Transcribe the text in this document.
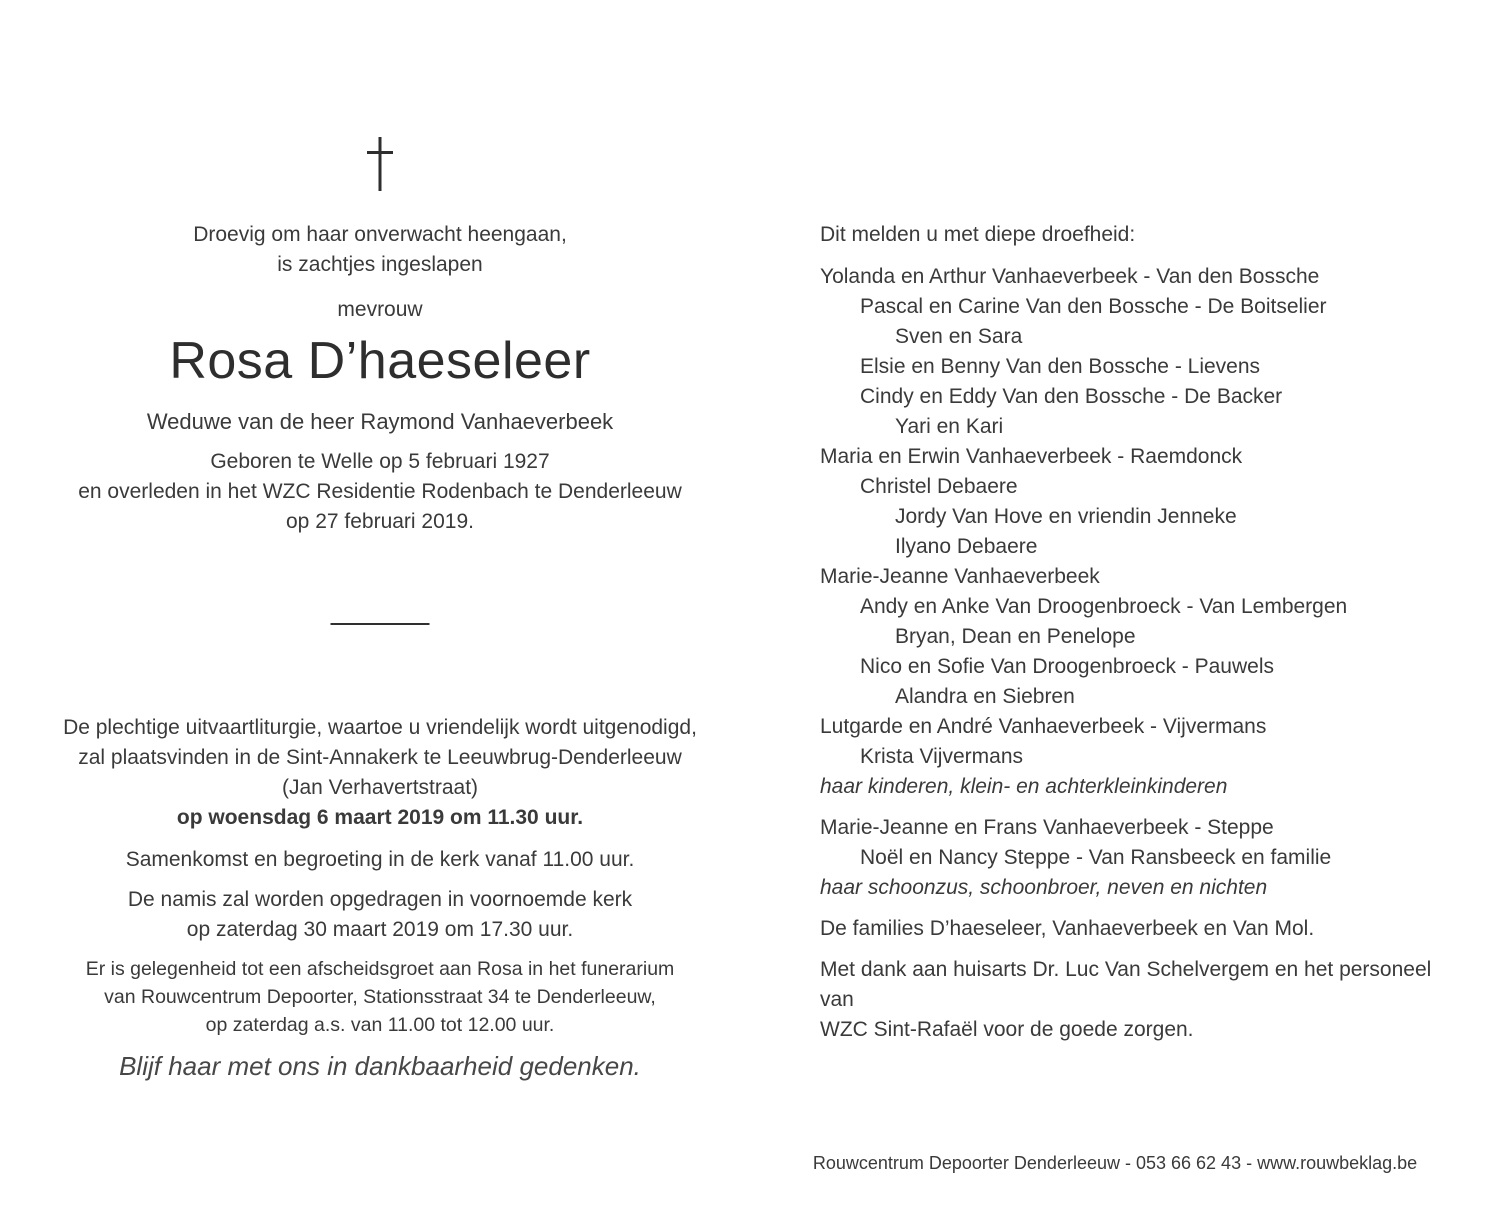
Droevig om haar onverwacht heengaan,
is zachtjes ingeslapen
mevrouw
Rosa D’haeseleer
Weduwe van de heer Raymond Vanhaeverbeek
Geboren te Welle op 5 februari 1927
en overleden in het WZC Residentie Rodenbach te Denderleeuw
op 27 februari 2019.
De plechtige uitvaartliturgie, waartoe u vriendelijk wordt uitgenodigd,
zal plaatsvinden in de Sint-Annakerk te Leeuwbrug-Denderleeuw
(Jan Verhavertstraat)
op woensdag 6 maart 2019 om 11.30 uur.
Samenkomst en begroeting in de kerk vanaf 11.00 uur.
De namis zal worden opgedragen in voornoemde kerk
op zaterdag 30 maart 2019 om 17.30 uur.
Er is gelegenheid tot een afscheidsgroet aan Rosa in het funerarium
van Rouwcentrum Depoorter, Stationsstraat 34 te Denderleeuw,
op zaterdag a.s. van 11.00 tot 12.00 uur.
Blijf haar met ons in dankbaarheid gedenken.
Dit melden u met diepe droefheid:
Yolanda en Arthur Vanhaeverbeek - Van den Bossche
Pascal en Carine Van den Bossche - De Boitselier
Sven en Sara
Elsie en Benny Van den Bossche - Lievens
Cindy en Eddy Van den Bossche - De Backer
Yari en Kari
Maria en Erwin Vanhaeverbeek - Raemdonck
Christel Debaere
Jordy Van Hove en vriendin Jenneke
Ilyano Debaere
Marie-Jeanne Vanhaeverbeek
Andy en Anke Van Droogenbroeck - Van Lembergen
Bryan, Dean en Penelope
Nico en Sofie Van Droogenbroeck - Pauwels
Alandra en Siebren
Lutgarde en André Vanhaeverbeek - Vijvermans
Krista Vijvermans
haar kinderen, klein- en achterkleinkinderen
Marie-Jeanne en Frans Vanhaeverbeek - Steppe
Noël en Nancy Steppe - Van Ransbeeck en familie
haar schoonzus, schoonbroer, neven en nichten
De families D’haeseleer, Vanhaeverbeek en Van Mol.
Met dank aan huisarts Dr. Luc Van Schelvergem en het personeel van
WZC Sint-Rafaël voor de goede zorgen.
Rouwcentrum Depoorter Denderleeuw - 053 66 62 43 - www.rouwbeklag.be
